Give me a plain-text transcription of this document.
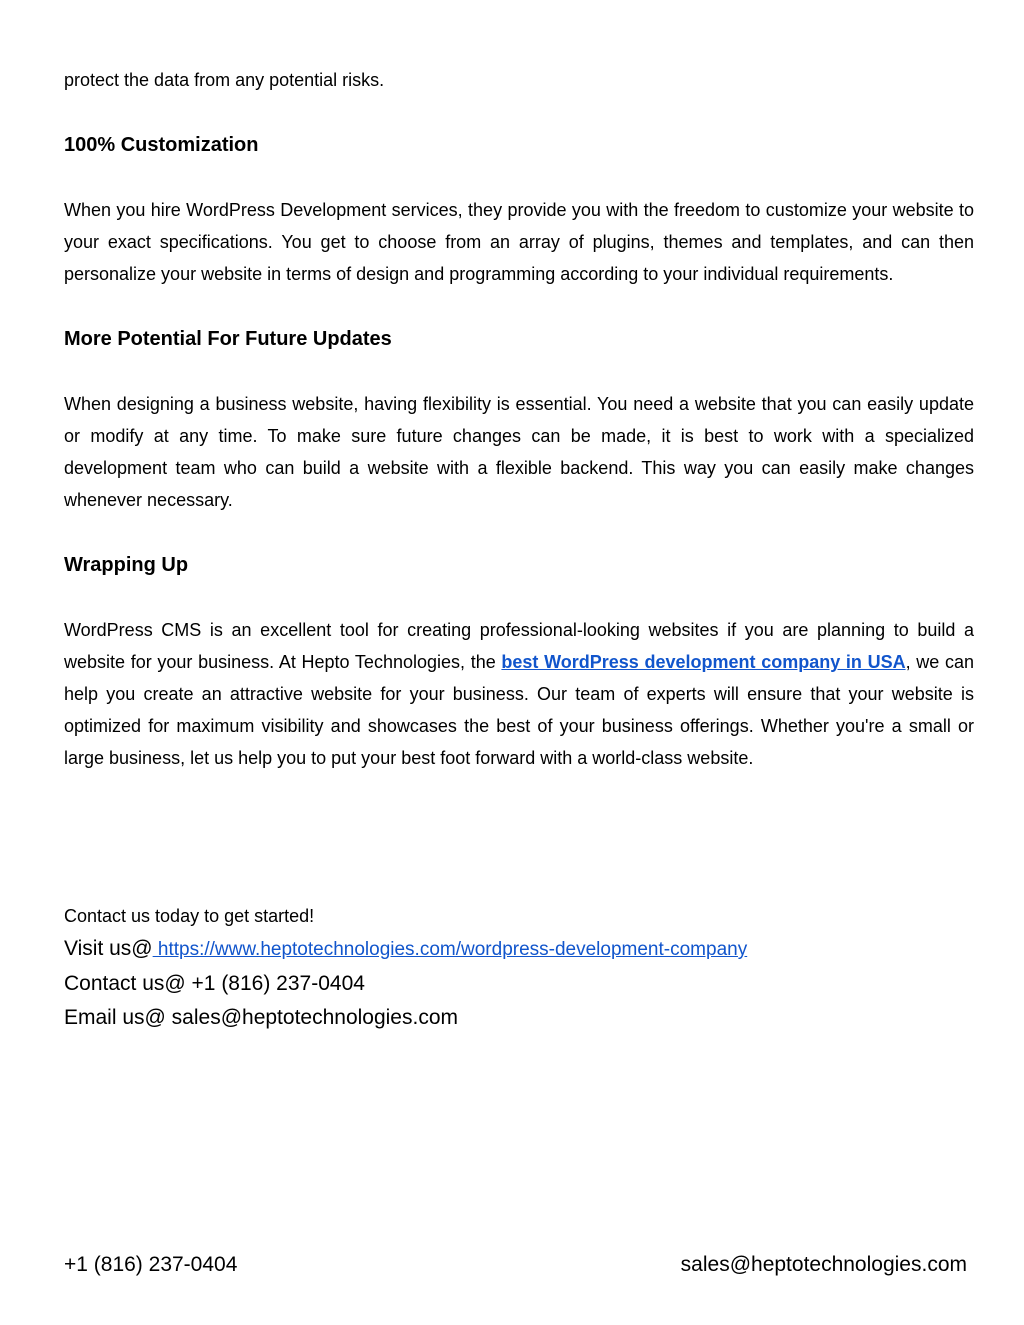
protect the data from any potential risks.

100% Customization

When you hire WordPress Development services, they provide you with the freedom to customize your website to your exact specifications. You get to choose from an array of plugins, themes and templates, and can then personalize your website in terms of design and programming according to your individual requirements.

More Potential For Future Updates

When designing a business website, having flexibility is essential. You need a website that you can easily update or modify at any time. To make sure future changes can be made, it is best to work with a specialized development team who can build a website with a flexible backend. This way you can easily make changes whenever necessary.

Wrapping Up

WordPress CMS is an excellent tool for creating professional-looking websites if you are planning to build a website for your business. At Hepto Technologies, the best WordPress development company in USA, we can help you create an attractive website for your business. Our team of experts will ensure that your website is optimized for maximum visibility and showcases the best of your business offerings. Whether you're a small or large business, let us help you to put your best foot forward with a world-class website.

Contact us today to get started!

Visit us@ https://www.heptotechnologies.com/wordpress-development-company

Contact us@ +1 (816) 237-0404

Email us@ sales@heptotechnologies.com

+1 (816) 237-0404	sales@heptotechnologies.com
